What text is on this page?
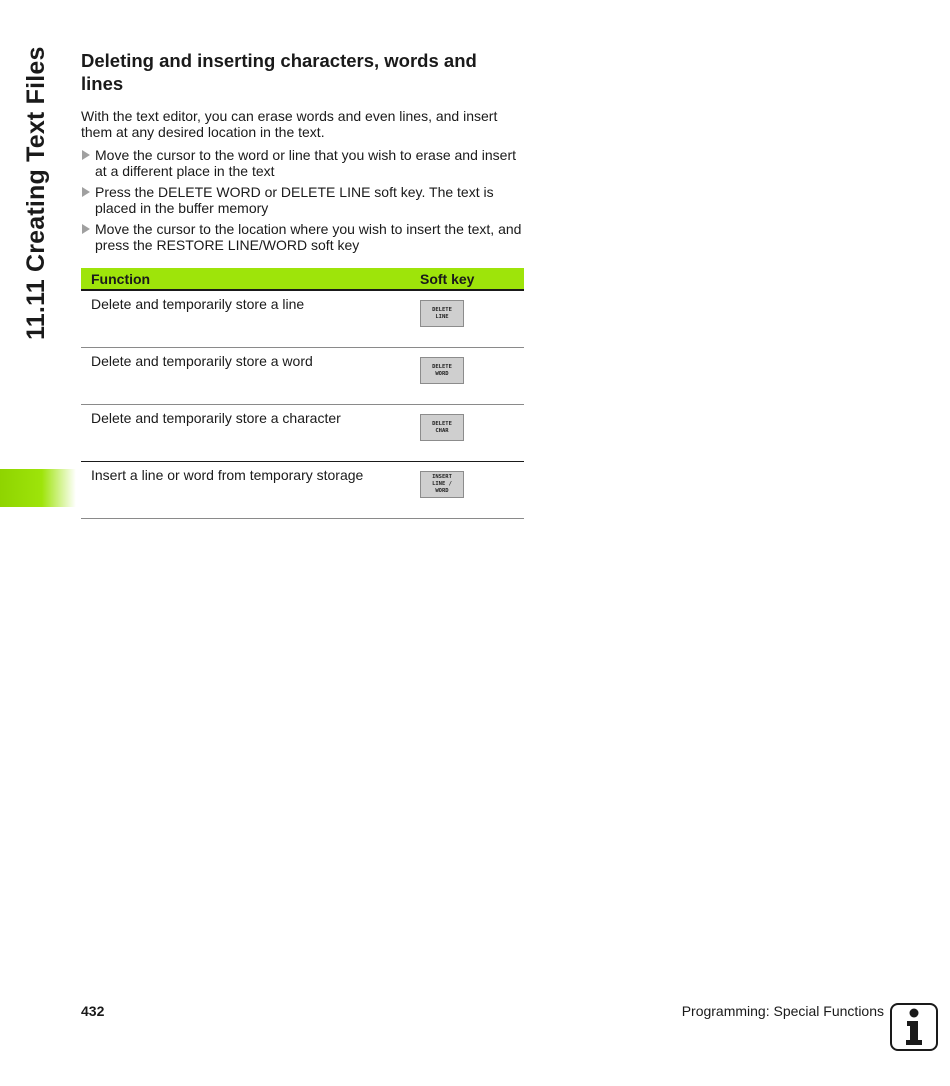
11.11 Creating Text Files Deleting and inserting characters, words and lines

With the text editor, you can erase words and even lines, and insert them at any desired location in the text.

Move the cursor to the word or line that you wish to erase and insert at a different place in the text
Press the DELETE WORD or DELETE LINE soft key. The text is placed in the buffer memory
Move the cursor to the location where you wish to insert the text, and press the RESTORE LINE/WORD soft key
Function	Soft key
Delete and temporarily store a line	DELETE
LINE

Delete and temporarily store a word	DELETE
WORD

Delete and temporarily store a character	DELETE
CHAR

Insert a line or word from temporary storage	INSERT
LINE /
WORD
432	Programming: Special Functions
